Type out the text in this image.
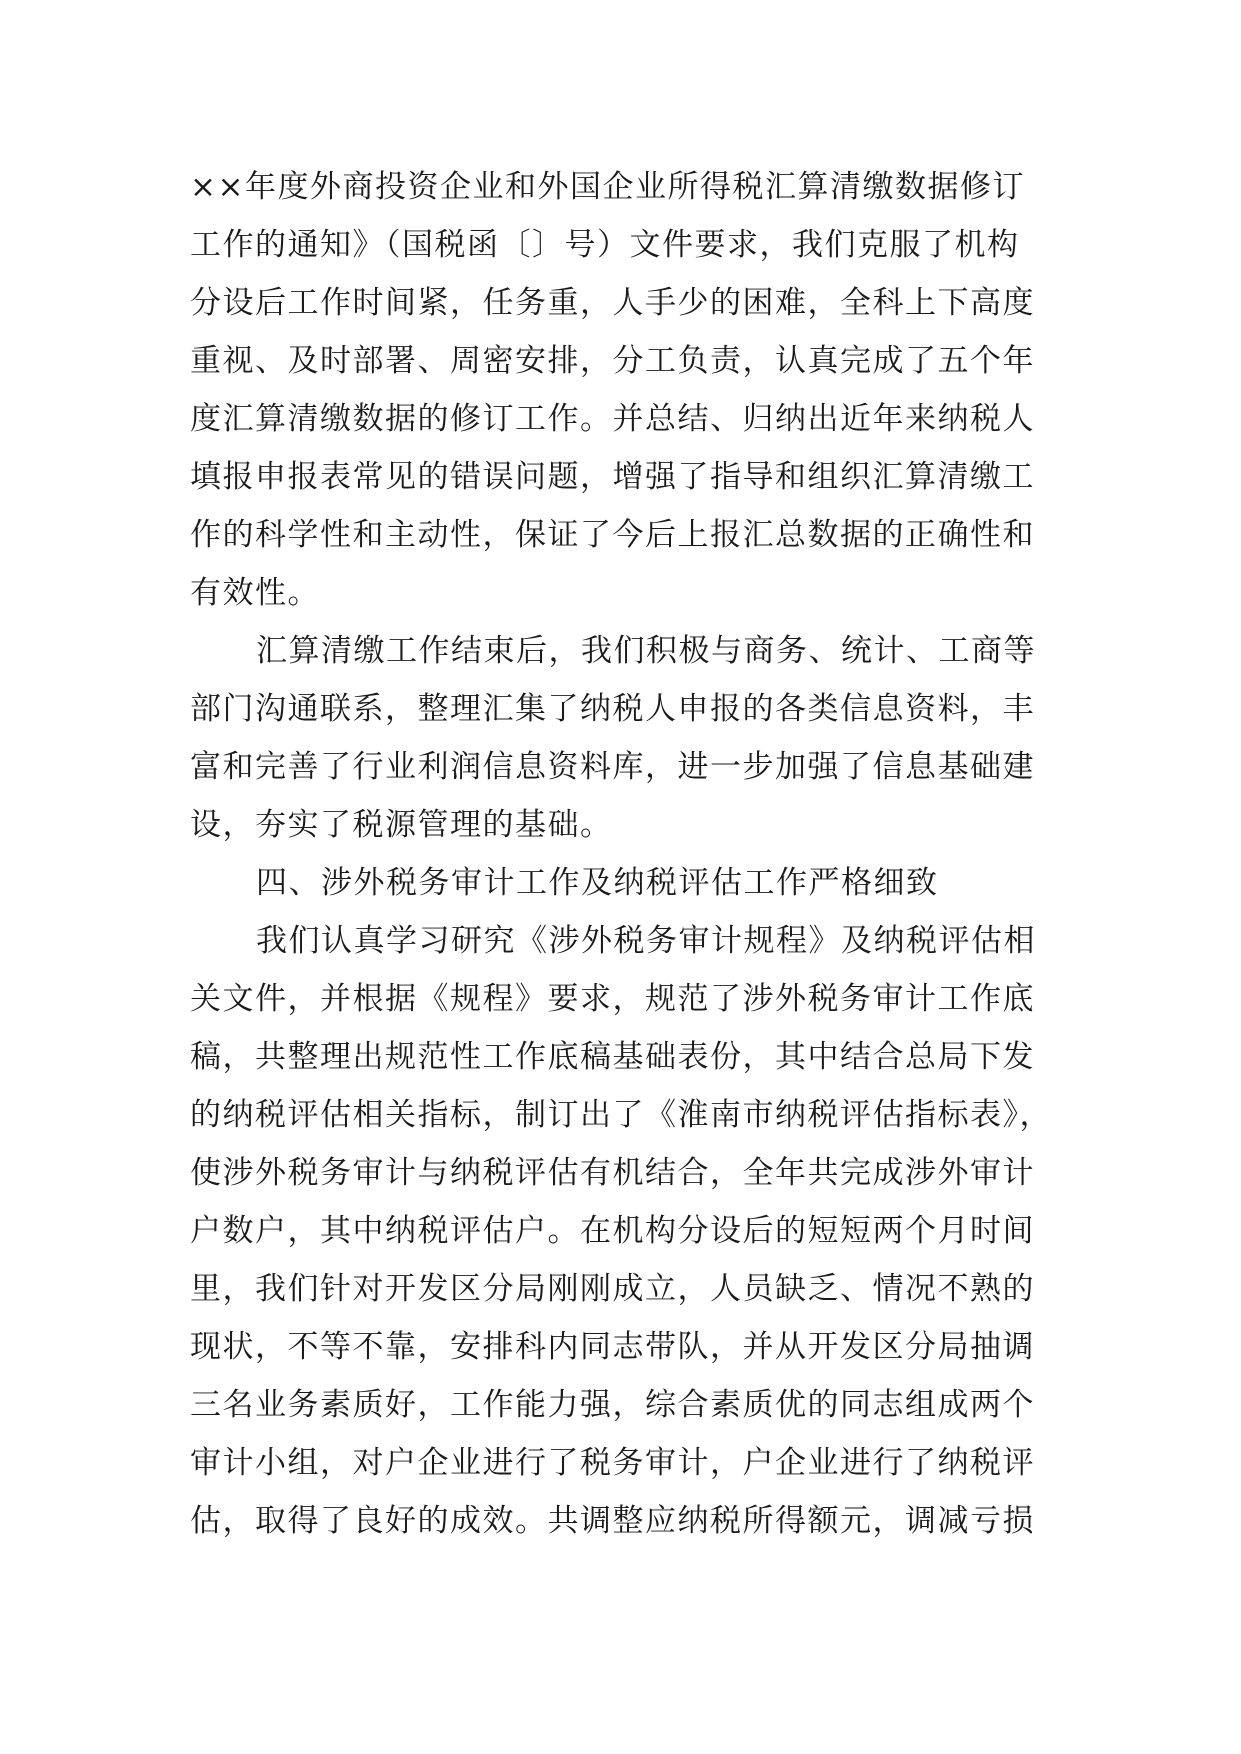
××年度外商投资企业和外国企业所得税汇算清缴数据修订
工作的通知》（国税函〔〕号）文件要求，我们克服了机构
分设后工作时间紧，任务重，人手少的困难，全科上下高度
重视、及时部署、周密安排，分工负责，认真完成了五个年
度汇算清缴数据的修订工作。并总结、归纳出近年来纳税人
填报申报表常见的错误问题，增强了指导和组织汇算清缴工
作的科学性和主动性，保证了今后上报汇总数据的正确性和
有效性。
汇算清缴工作结束后，我们积极与商务、统计、工商等
部门沟通联系，整理汇集了纳税人申报的各类信息资料，丰
富和完善了行业利润信息资料库，进一步加强了信息基础建
设，夯实了税源管理的基础。
四、涉外税务审计工作及纳税评估工作严格细致
我们认真学习研究《涉外税务审计规程》及纳税评估相
关文件，并根据《规程》要求，规范了涉外税务审计工作底
稿，共整理出规范性工作底稿基础表份，其中结合总局下发
的纳税评估相关指标，制订出了《淮南市纳税评估指标表》，
使涉外税务审计与纳税评估有机结合，全年共完成涉外审计
户数户，其中纳税评估户。在机构分设后的短短两个月时间
里，我们针对开发区分局刚刚成立，人员缺乏、情况不熟的
现状，不等不靠，安排科内同志带队，并从开发区分局抽调
三名业务素质好，工作能力强，综合素质优的同志组成两个
审计小组，对户企业进行了税务审计，户企业进行了纳税评
估，取得了良好的成效。共调整应纳税所得额元，调减亏损
